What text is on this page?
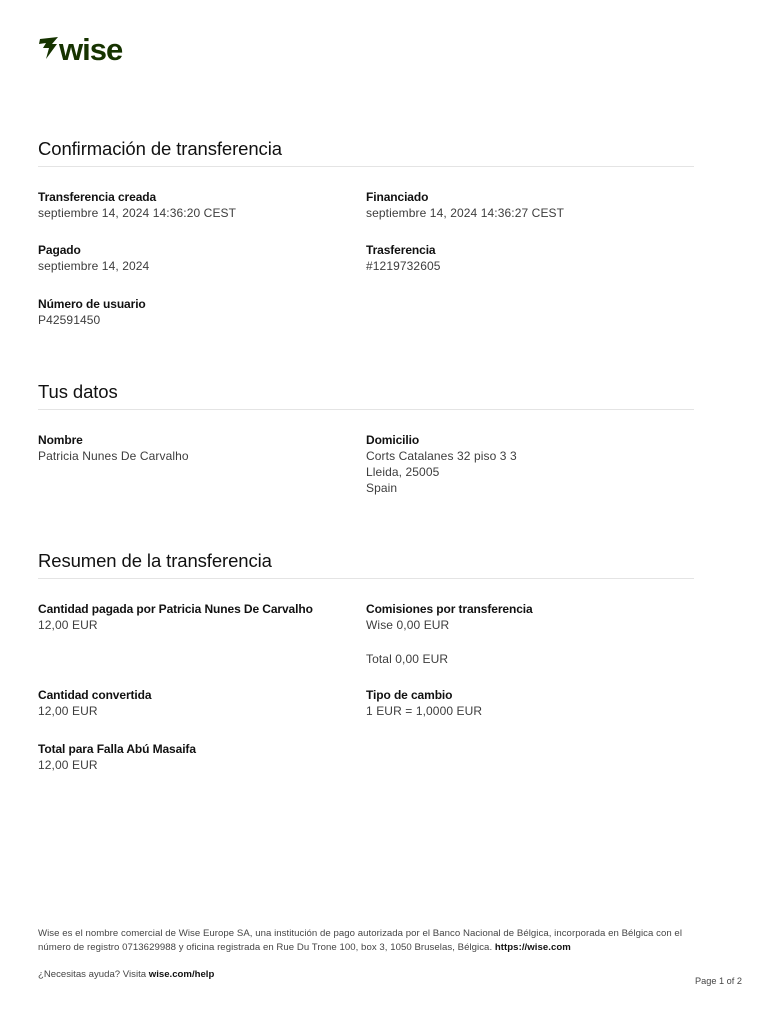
wise
Confirmación de transferencia
Transferencia creada
septiembre 14, 2024 14:36:20 CEST
Financiado
septiembre 14, 2024 14:36:27 CEST
Pagado
septiembre 14, 2024
Trasferencia
#1219732605
Número de usuario
P42591450
Tus datos
Nombre
Patricia Nunes De Carvalho
Domicilio
Corts Catalanes 32 piso 3 3
Lleida, 25005
Spain
Resumen de la transferencia
Cantidad pagada por Patricia Nunes De Carvalho
12,00 EUR
Comisiones por transferencia
Wise 0,00 EUR
Total 0,00 EUR
Cantidad convertida
12,00 EUR
Tipo de cambio
1 EUR = 1,0000 EUR
Total para Falla Abú Masaifa
12,00 EUR
Wise es el nombre comercial de Wise Europe SA, una institución de pago autorizada por el Banco Nacional de Bélgica, incorporada en Bélgica con el número de registro 0713629988 y oficina registrada en Rue Du Trone 100, box 3, 1050 Bruselas, Bélgica. https://wise.com
¿Necesitas ayuda? Visita wise.com/help
Page 1 of 2
